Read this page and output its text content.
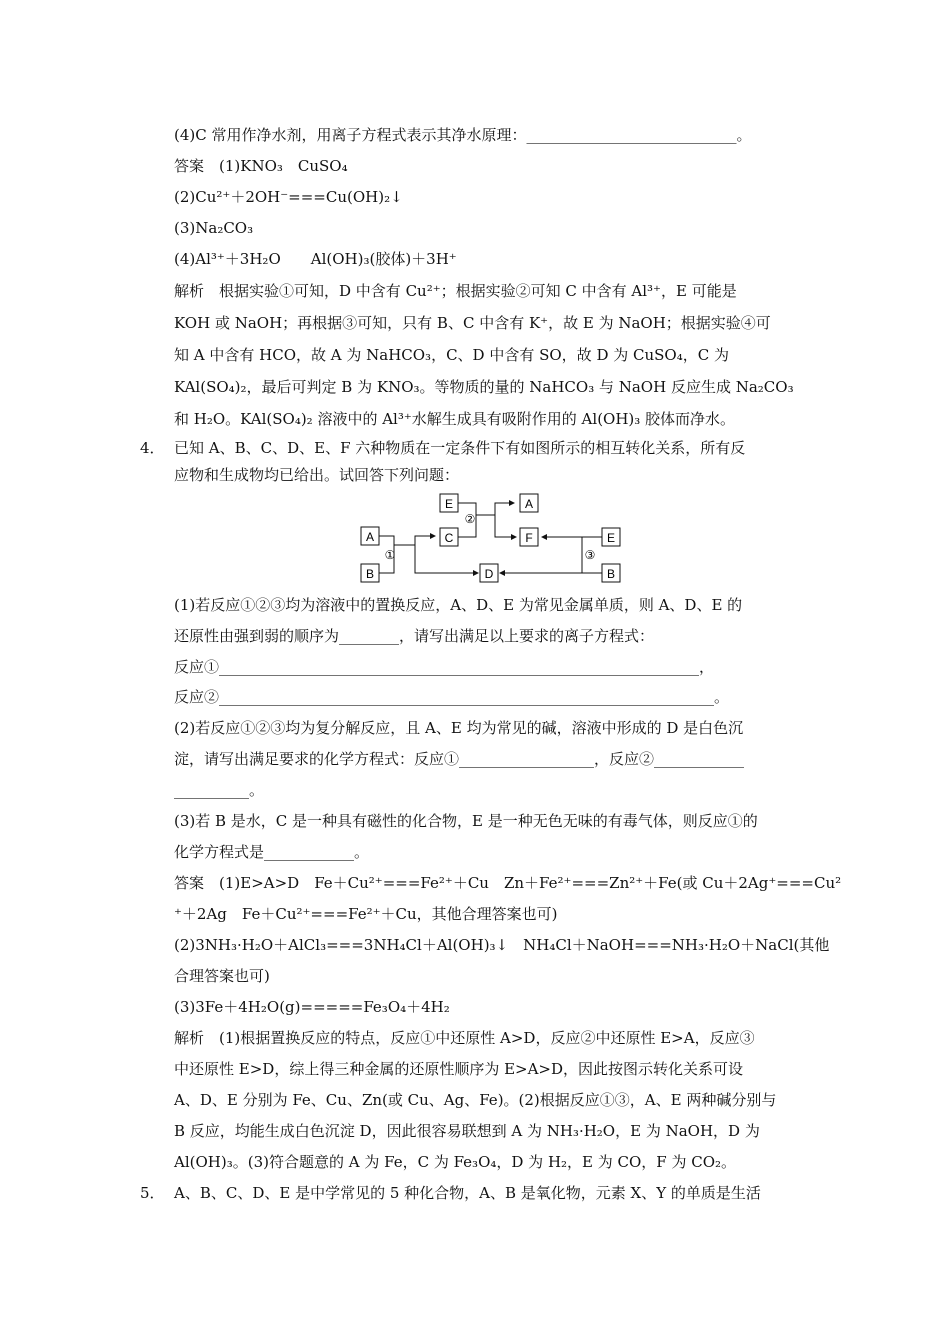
(4)C 常用作净水剂，用离子方程式表示其净水原理：____________________________。
答案　(1)KNO₃　CuSO₄
(2)Cu²⁺＋2OH⁻===Cu(OH)₂↓
(3)Na₂CO₃
(4)Al³⁺＋3H₂O　　Al(OH)₃(胶体)＋3H⁺
解析　根据实验①可知，D 中含有 Cu²⁺；根据实验②可知 C 中含有 Al³⁺，E 可能是
KOH 或 NaOH；再根据③可知，只有 B、C 中含有 K⁺，故 E 为 NaOH；根据实验④可
知 A 中含有 HCO，故 A 为 NaHCO₃，C、D 中含有 SO，故 D 为 CuSO₄，C 为
KAl(SO₄)₂，最后可判定 B 为 KNO₃。等物质的量的 NaHCO₃ 与 NaOH 反应生成 Na₂CO₃
和 H₂O。KAl(SO₄)₂ 溶液中的 Al³⁺水解生成具有吸附作用的 Al(OH)₃ 胶体而净水。
4． 已知 A、B、C、D、E、F 六种物质在一定条件下有如图所示的相互转化关系，所有反
应物和生成物均已给出。试回答下列问题：
A
B
E
C
A
F
D
E
B
①
②
③
(1)若反应①②③均为溶液中的置换反应，A、D、E 为常见金属单质，则 A、D、E 的
还原性由强到弱的顺序为________，请写出满足以上要求的离子方程式：
反应①________________________________________________________________，
反应②__________________________________________________________________。
(2)若反应①②③均为复分解反应，且 A、E 均为常见的碱，溶液中形成的 D 是白色沉
淀，请写出满足要求的化学方程式：反应①__________________，反应②____________
__________。
(3)若 B 是水，C 是一种具有磁性的化合物，E 是一种无色无味的有毒气体，则反应①的
化学方程式是____________。
答案　(1)E>A>D　Fe＋Cu²⁺===Fe²⁺＋Cu　Zn＋Fe²⁺===Zn²⁺＋Fe(或 Cu＋2Ag⁺===Cu²
⁺＋2Ag　Fe＋Cu²⁺===Fe²⁺＋Cu，其他合理答案也可)
(2)3NH₃·H₂O＋AlCl₃===3NH₄Cl＋Al(OH)₃↓　NH₄Cl＋NaOH===NH₃·H₂O＋NaCl(其他
合理答案也可)
(3)3Fe＋4H₂O(g)=====Fe₃O₄＋4H₂
解析　(1)根据置换反应的特点，反应①中还原性 A>D，反应②中还原性 E>A，反应③
中还原性 E>D，综上得三种金属的还原性顺序为 E>A>D，因此按图示转化关系可设
A、D、E 分别为 Fe、Cu、Zn(或 Cu、Ag、Fe)。(2)根据反应①③，A、E 两种碱分别与
B 反应，均能生成白色沉淀 D，因此很容易联想到 A 为 NH₃·H₂O，E 为 NaOH，D 为
Al(OH)₃。(3)符合题意的 A 为 Fe，C 为 Fe₃O₄，D 为 H₂，E 为 CO，F 为 CO₂。
5． A、B、C、D、E 是中学常见的 5 种化合物，A、B 是氧化物，元素 X、Y 的单质是生活
